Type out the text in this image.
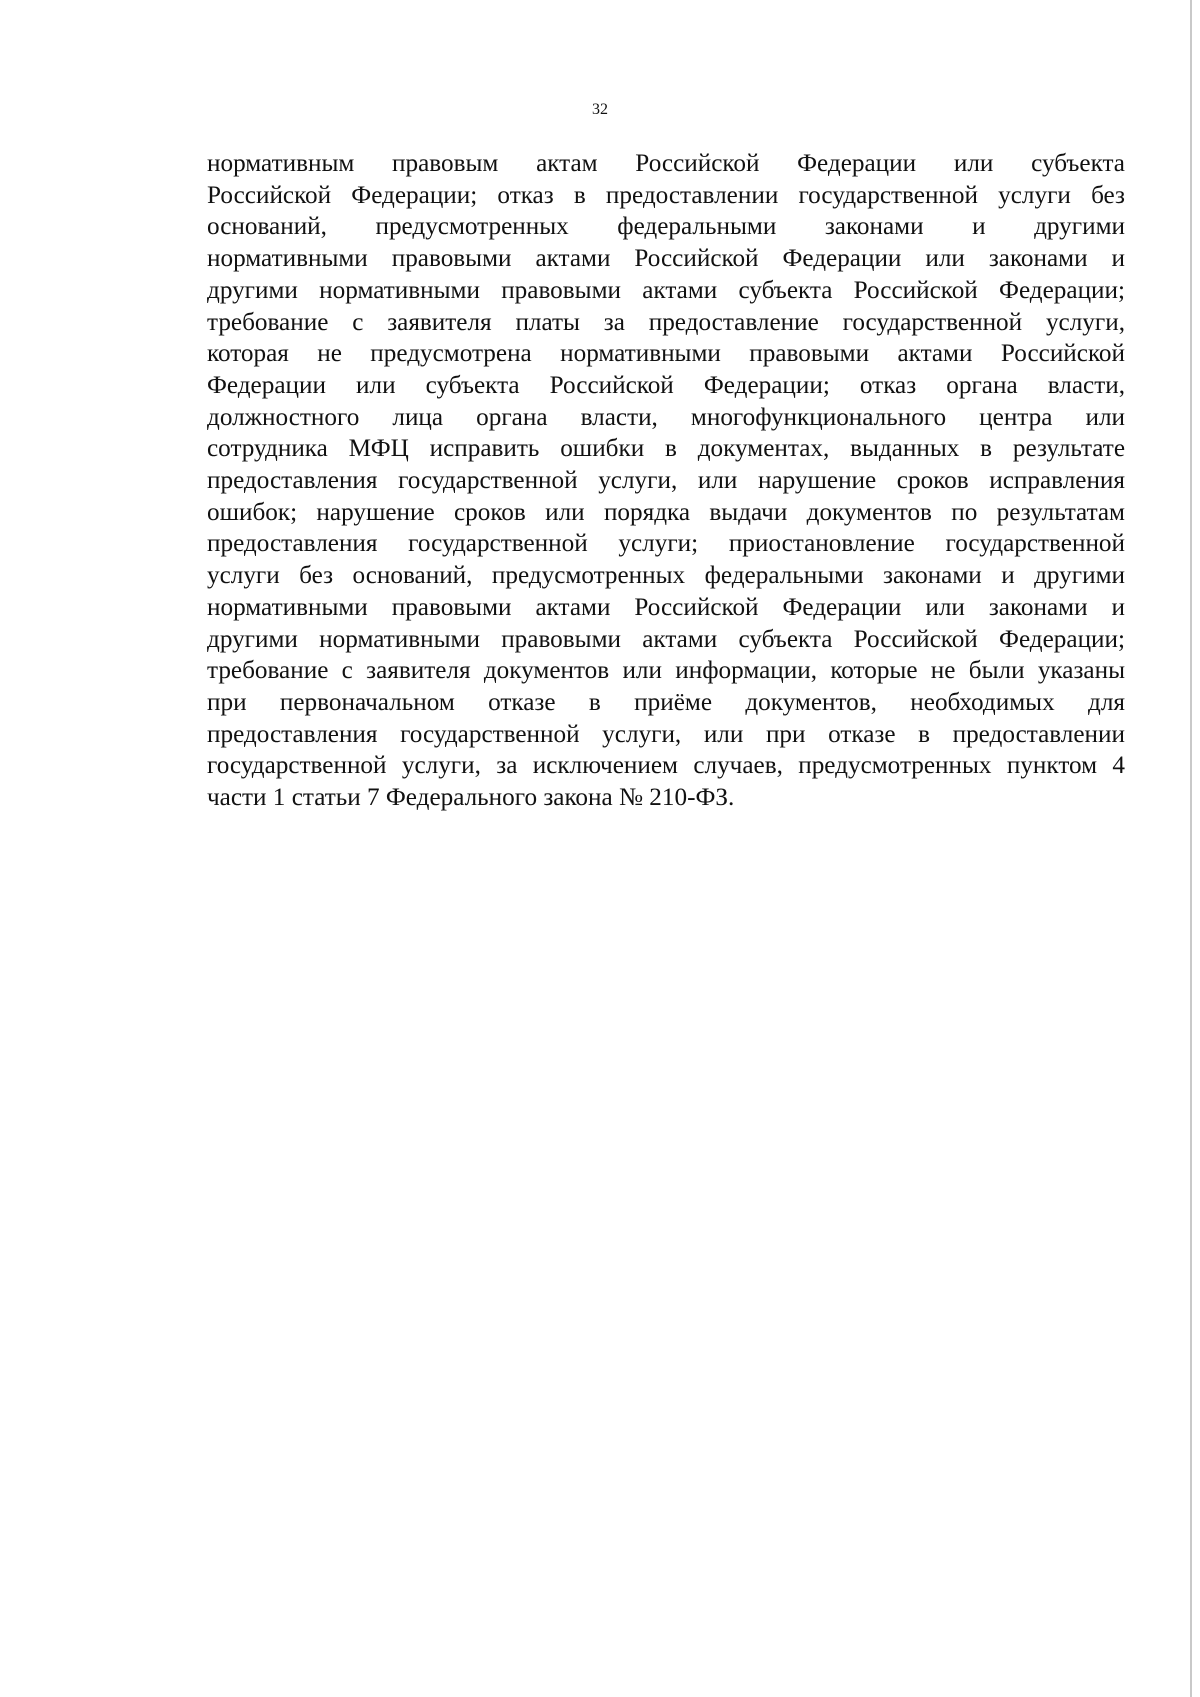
32
нормативным правовым актам Российской Федерации или субъекта
Российской Федерации; отказ в предоставлении государственной услуги без
оснований, предусмотренных федеральными законами и другими
нормативными правовыми актами Российской Федерации или законами и
другими нормативными правовыми актами субъекта Российской Федерации;
требование с заявителя платы за предоставление государственной услуги,
которая не предусмотрена нормативными правовыми актами Российской
Федерации или субъекта Российской Федерации; отказ органа власти,
должностного лица органа власти, многофункционального центра или
сотрудника МФЦ исправить ошибки в документах, выданных в результате
предоставления государственной услуги, или нарушение сроков исправления
ошибок; нарушение сроков или порядка выдачи документов по результатам
предоставления государственной услуги; приостановление государственной
услуги без оснований, предусмотренных федеральными законами и другими
нормативными правовыми актами Российской Федерации или законами и
другими нормативными правовыми актами субъекта Российской Федерации;
требование с заявителя документов или информации, которые не были указаны
при первоначальном отказе в приёме документов, необходимых для
предоставления государственной услуги, или при отказе в предоставлении
государственной услуги, за исключением случаев, предусмотренных пунктом 4
части 1 статьи 7 Федерального закона № 210-ФЗ.
